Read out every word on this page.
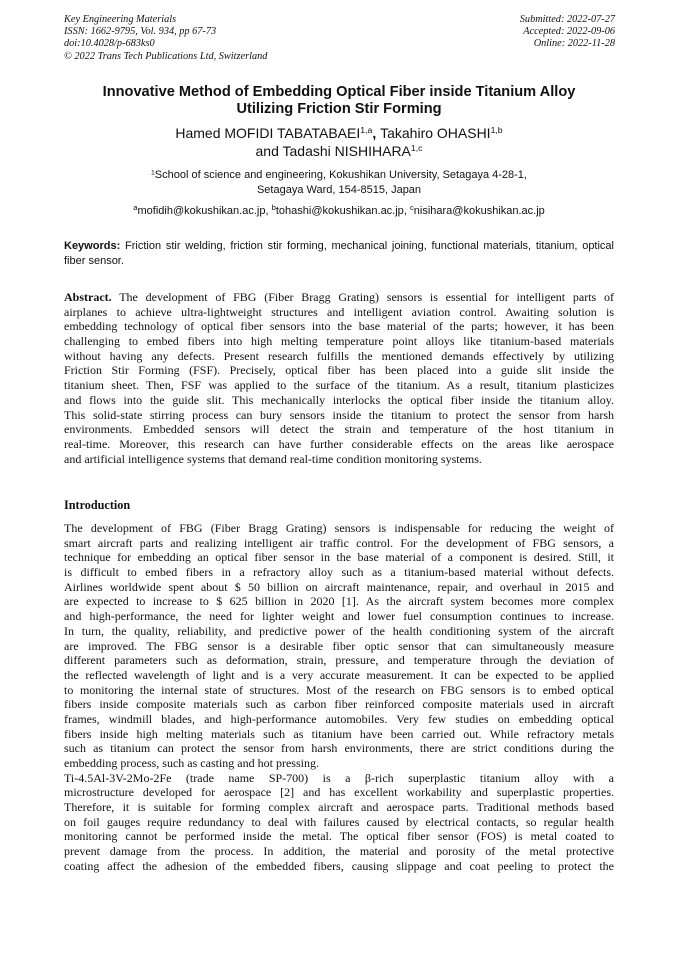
Key Engineering Materials
ISSN: 1662-9795, Vol. 934, pp 67-73
doi:10.4028/p-683ks0
© 2022 Trans Tech Publications Ltd, Switzerland
Submitted: 2022-07-27
Accepted: 2022-09-06
Online: 2022-11-28
Innovative Method of Embedding Optical Fiber inside Titanium Alloy
Utilizing Friction Stir Forming
Hamed MOFIDI TABATABAEI$^{1,a}$, Takahiro OHASHI$^{1,b}$
and Tadashi NISHIHARA$^{1,c}$
$^1$School of science and engineering, Kokushikan University, Setagaya 4-28-1,
Setagaya Ward, 154-8515, Japan
$^a$mofidih@kokushikan.ac.jp, $^b$tohashi@kokushikan.ac.jp, $^c$nisihara@kokushikan.ac.jp
Keywords: Friction stir welding, friction stir forming, mechanical joining, functional materials, titanium, optical fiber sensor.
Abstract. The development of FBG (Fiber Bragg Grating) sensors is essential for intelligent parts of
airplanes to achieve ultra-lightweight structures and intelligent aviation control. Awaiting solution is
embedding technology of optical fiber sensors into the base material of the parts; however, it has been
challenging to embed fibers into high melting temperature point alloys like titanium-based materials
without having any defects. Present research fulfills the mentioned demands effectively by utilizing
Friction Stir Forming (FSF). Precisely, optical fiber has been placed into a guide slit inside the
titanium sheet. Then, FSF was applied to the surface of the titanium. As a result, titanium plasticizes
and flows into the guide slit. This mechanically interlocks the optical fiber inside the titanium alloy.
This solid-state stirring process can bury sensors inside the titanium to protect the sensor from harsh
environments. Embedded sensors will detect the strain and temperature of the host titanium in
real-time. Moreover, this research can have further considerable effects on the areas like aerospace
and artificial intelligence systems that demand real-time condition monitoring systems.
Introduction
The development of FBG (Fiber Bragg Grating) sensors is indispensable for reducing the weight of
smart aircraft parts and realizing intelligent air traffic control. For the development of FBG sensors, a
technique for embedding an optical fiber sensor in the base material of a component is desired. Still, it
is difficult to embed fibers in a refractory alloy such as a titanium-based material without defects.
Airlines worldwide spent about $ 50 billion on aircraft maintenance, repair, and overhaul in 2015 and
are expected to increase to $ 625 billion in 2020 [1]. As the aircraft system becomes more complex
and high-performance, the need for lighter weight and lower fuel consumption continues to increase.
In turn, the quality, reliability, and predictive power of the health conditioning system of the aircraft
are improved. The FBG sensor is a desirable fiber optic sensor that can simultaneously measure
different parameters such as deformation, strain, pressure, and temperature through the deviation of
the reflected wavelength of light and is a very accurate measurement. It can be expected to be applied
to monitoring the internal state of structures. Most of the research on FBG sensors is to embed optical
fibers inside composite materials such as carbon fiber reinforced composite materials used in aircraft
frames, windmill blades, and high-performance automobiles. Very few studies on embedding optical
fibers inside high melting materials such as titanium have been carried out. While refractory metals
such as titanium can protect the sensor from harsh environments, there are strict conditions during the
embedding process, such as casting and hot pressing.
Ti-4.5Al-3V-2Mo-2Fe (trade name SP-700) is a β-rich superplastic titanium alloy with a
microstructure developed for aerospace [2] and has excellent workability and superplastic properties.
Therefore, it is suitable for forming complex aircraft and aerospace parts. Traditional methods based
on foil gauges require redundancy to deal with failures caused by electrical contacts, so regular health
monitoring cannot be performed inside the metal. The optical fiber sensor (FOS) is metal coated to
prevent damage from the process. In addition, the material and porosity of the metal protective
coating affect the adhesion of the embedded fibers, causing slippage and coat peeling to protect the
